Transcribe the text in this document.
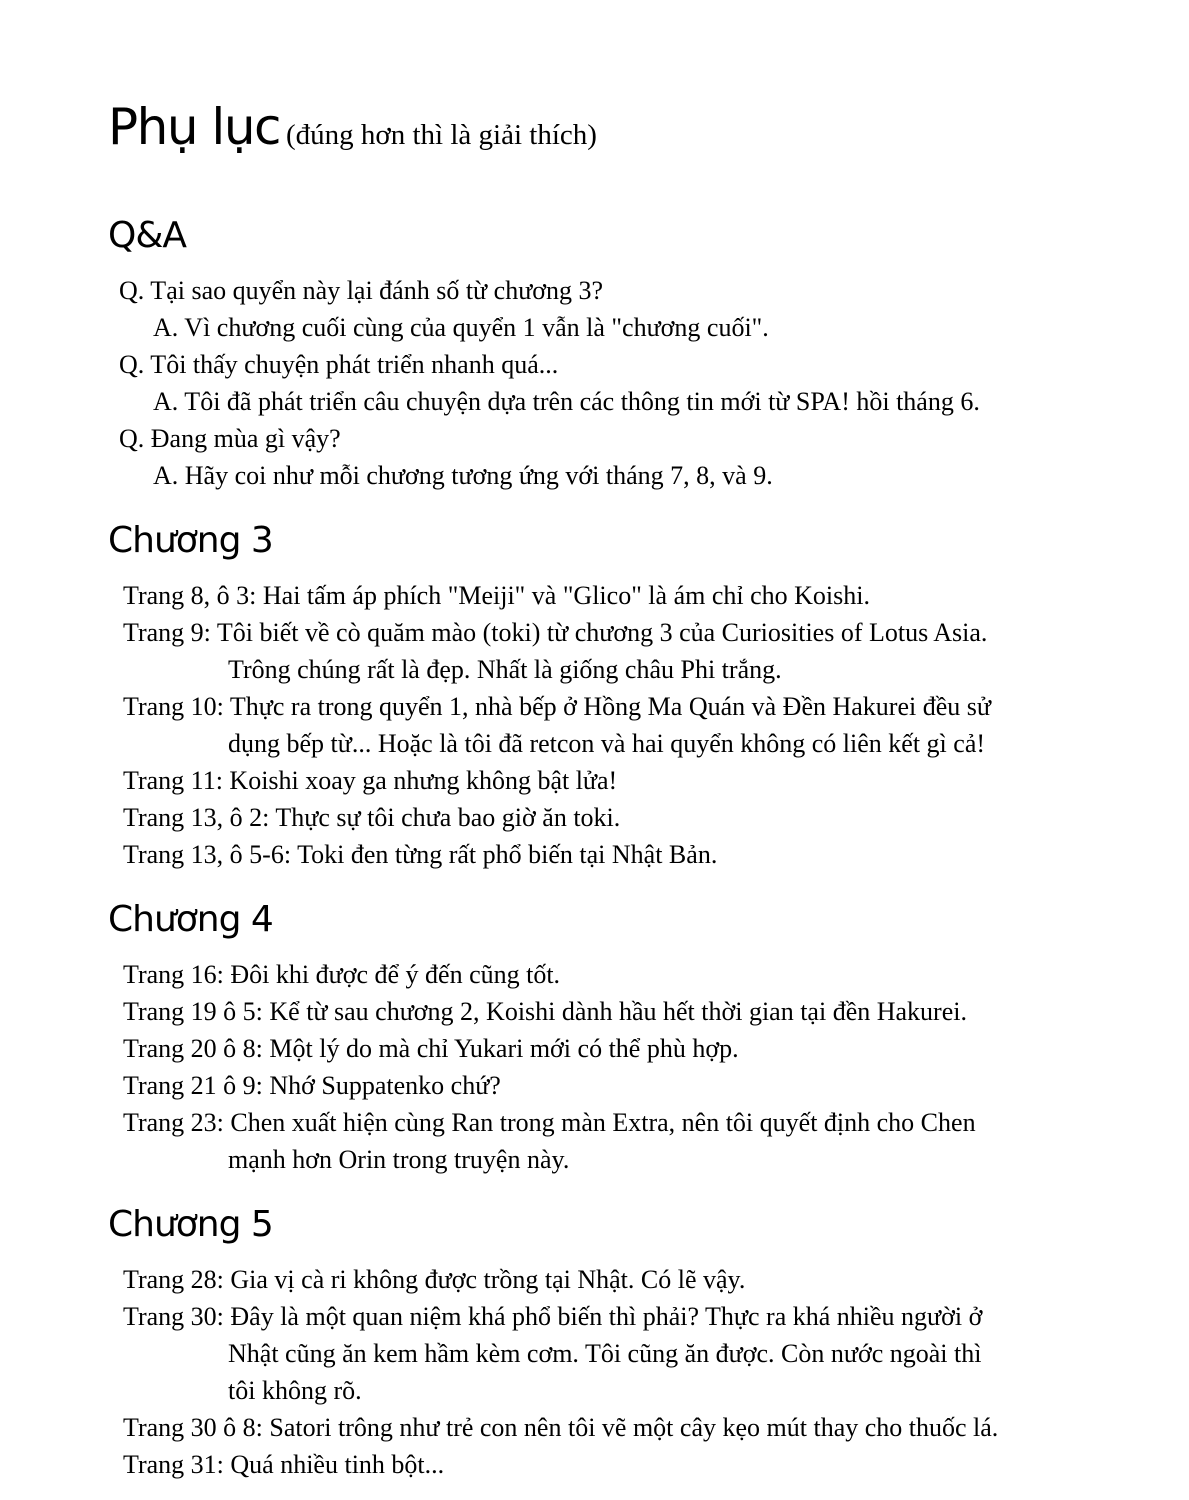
Phụ lục (đúng hơn thì là giải thích)
Q&A
Q. Tại sao quyển này lại đánh số từ chương 3?
A. Vì chương cuối cùng của quyển 1 vẫn là "chương cuối".
Q. Tôi thấy chuyện phát triển nhanh quá...
A. Tôi đã phát triển câu chuyện dựa trên các thông tin mới từ SPA! hồi tháng 6.
Q. Đang mùa gì vậy?
A. Hãy coi như mỗi chương tương ứng với tháng 7, 8, và 9.
Chương 3
Trang 8, ô 3: Hai tấm áp phích "Meiji" và "Glico" là ám chỉ cho Koishi.
Trang 9: Tôi biết về cò quăm mào (toki) từ chương 3 của Curiosities of Lotus Asia.
Trông chúng rất là đẹp. Nhất là giống châu Phi trắng.
Trang 10: Thực ra trong quyển 1, nhà bếp ở Hồng Ma Quán và Đền Hakurei đều sử
dụng bếp từ... Hoặc là tôi đã retcon và hai quyển không có liên kết gì cả!
Trang 11: Koishi xoay ga nhưng không bật lửa!
Trang 13, ô 2: Thực sự tôi chưa bao giờ ăn toki.
Trang 13, ô 5-6: Toki đen từng rất phổ biến tại Nhật Bản.
Chương 4
Trang 16: Đôi khi được để ý đến cũng tốt.
Trang 19 ô 5: Kể từ sau chương 2, Koishi dành hầu hết thời gian tại đền Hakurei.
Trang 20 ô 8: Một lý do mà chỉ Yukari mới có thể phù hợp.
Trang 21 ô 9: Nhớ Suppatenko chứ?
Trang 23: Chen xuất hiện cùng Ran trong màn Extra, nên tôi quyết định cho Chen
mạnh hơn Orin trong truyện này.
Chương 5
Trang 28: Gia vị cà ri không được trồng tại Nhật. Có lẽ vậy.
Trang 30: Đây là một quan niệm khá phổ biến thì phải? Thực ra khá nhiều người ở
Nhật cũng ăn kem hầm kèm cơm. Tôi cũng ăn được. Còn nước ngoài thì
tôi không rõ.
Trang 30 ô 8: Satori trông như trẻ con nên tôi vẽ một cây kẹo mút thay cho thuốc lá.
Trang 31: Quá nhiều tinh bột...
